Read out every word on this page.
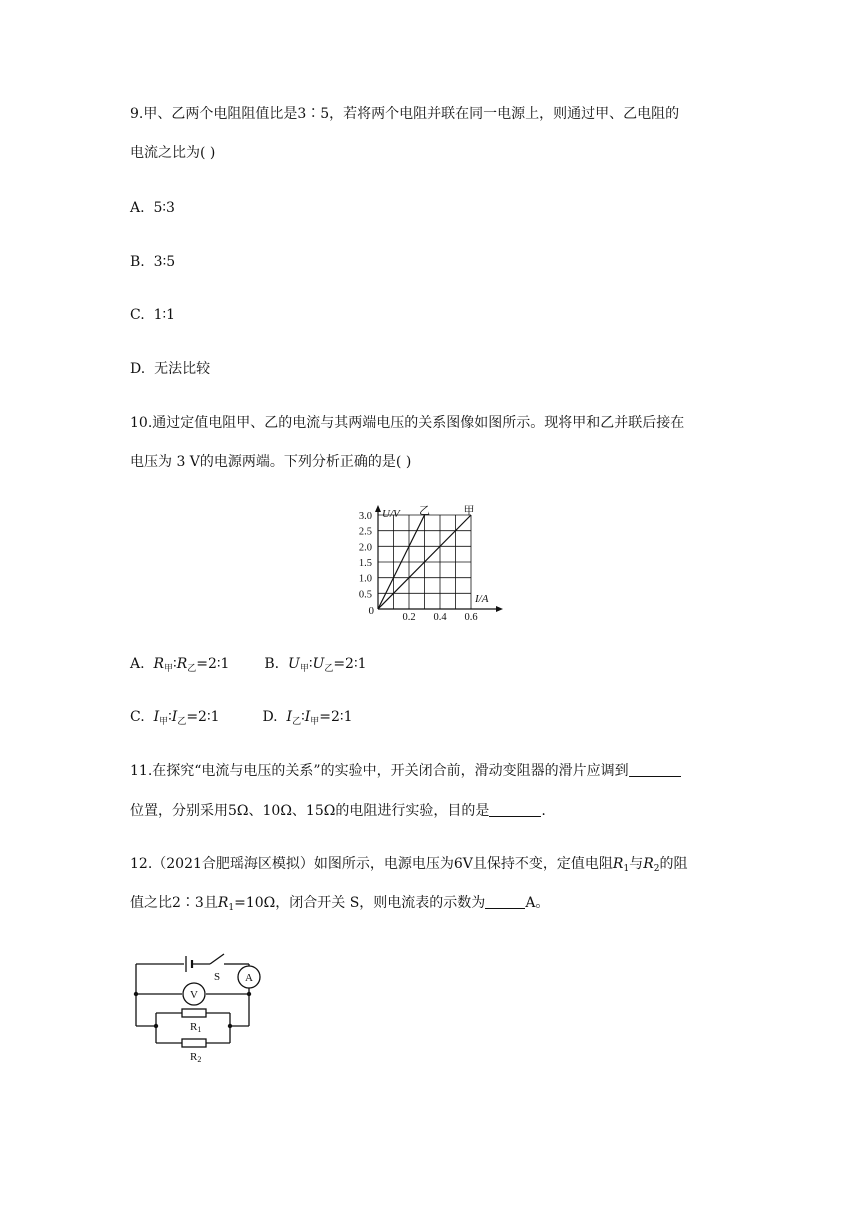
9.甲、乙两个电阻阻值比是3∶5，若将两个电阻并联在同一电源上，则通过甲、乙电阻的
电流之比为( )
A. 5∶3
B. 3∶5
C. 1∶1
D. 无法比较
10.通过定值电阻甲、乙的电流与其两端电压的关系图像如图所示。现将甲和乙并联后接在
电压为 3 V的电源两端。下列分析正确的是( )
U/V
I/A
0
3.0
2.5
2.0
1.5
1.0
0.5
0.2 0.4 0.6
乙	甲
A. $R_甲∶R_乙=2∶1$ B. $U_甲∶U_乙=2∶1$
C. $I_甲∶I_乙=2∶1$	D. $I_乙∶I_甲=2∶1$
11.在探究“电流与电压的关系”的实验中，开关闭合前，滑动变阻器的滑片应调到
位置，分别采用5Ω、10Ω、15Ω的电阻进行实验，目的是	.
12.（2021合肥瑶海区模拟）如图所示，电源电压为6V且保持不变，定值电阻$R_1$与$R_2$的阻
值之比2∶3且$R_1=10\Omega$，闭合开关 S，则电流表的示数为	A。
S A
V
R1
R2
